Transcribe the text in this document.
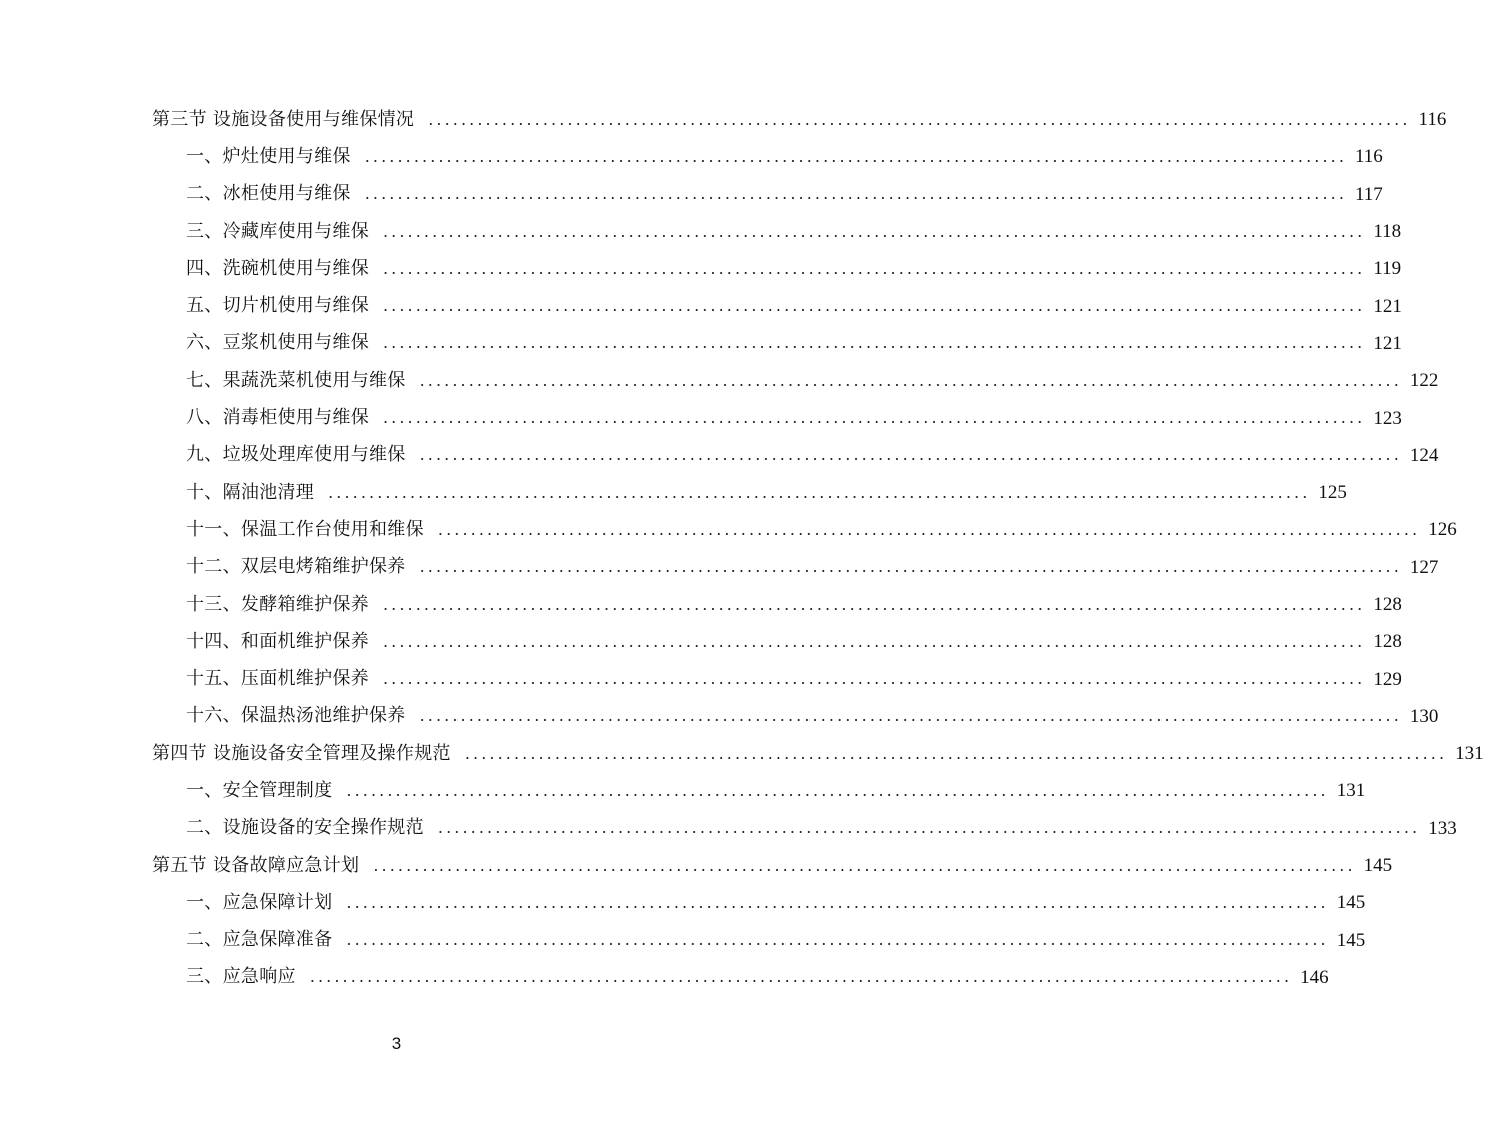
第三节 设施设备使用与维保情况 ........................................................................................................................ 116
一、炉灶使用与维保 ........................................................................................................................ 116
二、冰柜使用与维保 ........................................................................................................................ 117
三、冷藏库使用与维保 ........................................................................................................................ 118
四、洗碗机使用与维保 ........................................................................................................................ 119
五、切片机使用与维保 ........................................................................................................................ 121
六、豆浆机使用与维保 ........................................................................................................................ 121
七、果蔬洗菜机使用与维保 ........................................................................................................................ 122
八、消毒柜使用与维保 ........................................................................................................................ 123
九、垃圾处理库使用与维保 ........................................................................................................................ 124
十、隔油池清理 ........................................................................................................................ 125
十一、保温工作台使用和维保 ........................................................................................................................ 126
十二、双层电烤箱维护保养 ........................................................................................................................ 127
十三、发酵箱维护保养 ........................................................................................................................ 128
十四、和面机维护保养 ........................................................................................................................ 128
十五、压面机维护保养 ........................................................................................................................ 129
十六、保温热汤池维护保养 ........................................................................................................................ 130
第四节 设施设备安全管理及操作规范 ........................................................................................................................ 131
一、安全管理制度 ........................................................................................................................ 131
二、设施设备的安全操作规范 ........................................................................................................................ 133
第五节 设备故障应急计划 ........................................................................................................................ 145
一、应急保障计划 ........................................................................................................................ 145
二、应急保障准备 ........................................................................................................................ 145
三、应急响应 ........................................................................................................................ 146
3
